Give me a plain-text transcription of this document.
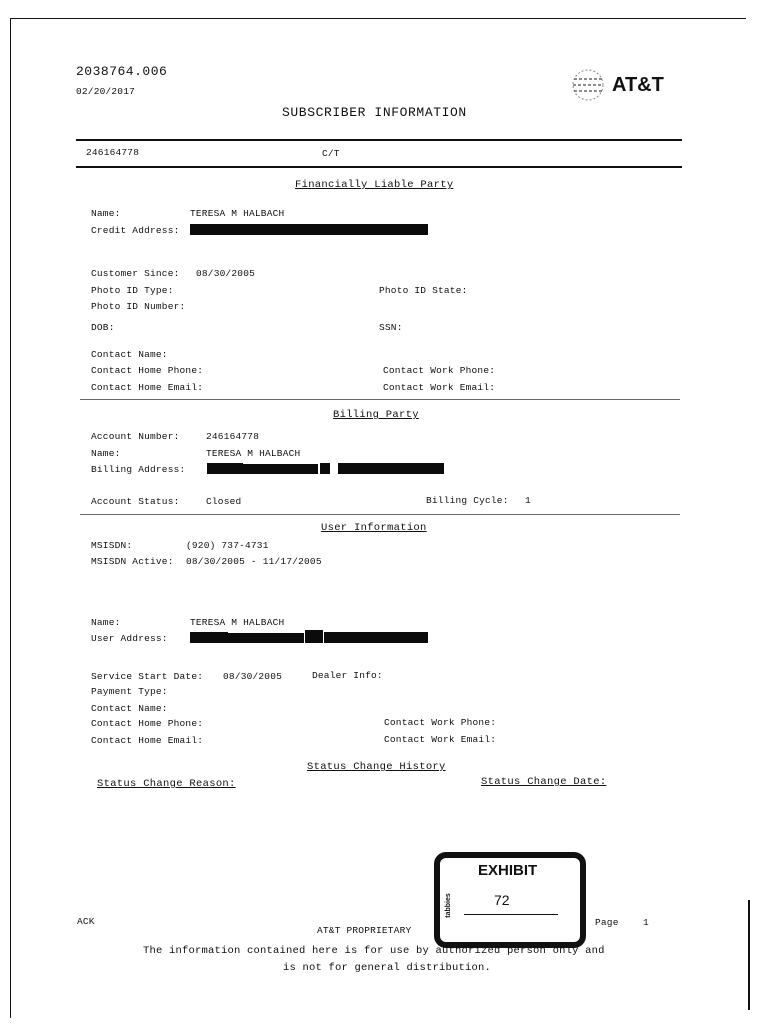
2038764.006
02/20/2017	AT&T
SUBSCRIBER INFORMATION
246164778	C/T
Financially Liable Party
Name:	TERESA M HALBACH
Credit Address:
Customer Since: 08/30/2005
Photo ID Type:	Photo ID State:
Photo ID Number:
DOB:	SSN:
Contact Name:
Contact Home Phone:	Contact Work Phone:
Contact Home Email:	Contact Work Email:
Billing Party
Account Number:	246164778
Name:	TERESA M HALBACH
Billing Address:
Account Status:	Closed	Billing Cycle: 1
User Information
MSISDN:	(920) 737-4731
MSISDN Active: 08/30/2005 - 11/17/2005
Name:	TERESA M HALBACH
User Address:
Service Start Date: 08/30/2005	Dealer Info:
Payment Type:
Contact Name:
Contact Home Phone:	Contact Work Phone:
Contact Home Email:	Contact Work Email:
Status Change History
Status Change Reason:	Status Change Date:
EXHIBIT
tabbies	72
ACK
AT&T PROPRIETARY
Page	1
The information contained here is for use by authorized person only and
is not for general distribution.
